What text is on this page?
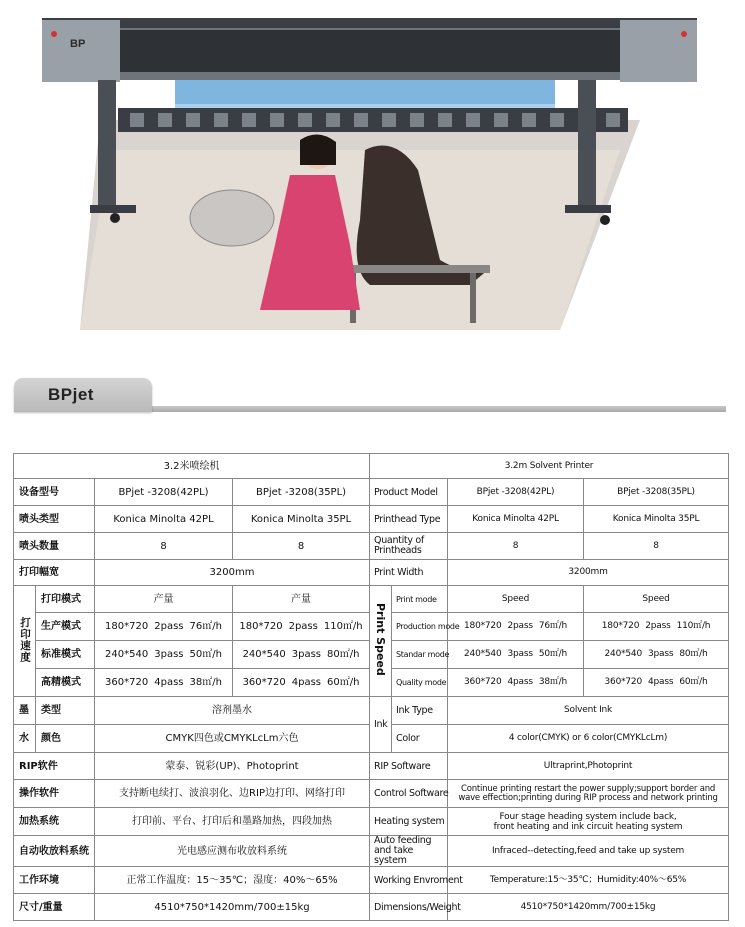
BP
BPjet
3.2米喷绘机				3.2m Solvent Printer			
设备型号		BPjet -3208(42PL)	BPjet -3208(35PL)	Product Model		BPjet -3208(42PL)	BPjet -3208(35PL)
喷头类型		Konica Minolta 42PL	Konica Minolta 35PL	Printhead Type		Konica Minolta 42PL	Konica Minolta 35PL
喷头数量		8	8	Quantity of Printheads		8	8
打印幅宽		3200mm		Print Width		3200mm	
打印速度	打印模式	产量	产量	Print Speed	Print mode	Speed	Speed
	生产模式	180*720 2pass 76㎡/h	180*720 2pass 110㎡/h		Production mode	180*720 2pass 76㎡/h	180*720 2pass 110㎡/h
	标准模式	240*540 3pass 50㎡/h	240*540 3pass 80㎡/h		Standar mode	240*540 3pass 50㎡/h	240*540 3pass 80㎡/h
	高精模式	360*720 4pass 38㎡/h	360*720 4pass 60㎡/h		Quality mode	360*720 4pass 38㎡/h	360*720 4pass 60㎡/h
墨	类型	溶剂墨水		Ink	Ink Type	Solvent Ink	
水	颜色	CMYK四色或CMYKLcLm六色			Color	4 color(CMYK) or 6 color(CMYKLcLm)	
RIP软件		蒙泰、锐彩(UP)、Photoprint		RIP Software		Ultraprint,Photoprint	
操作软件		支持断电续打、波浪羽化、边RIP边打印、网络打印		Control Software		Continue printing restart the power supply;support border and wave effection;printing during RIP process and network printing	
加热系统		打印前、平台、打印后和墨路加热，四段加热		Heating system		Four stage heading system include back,
front heating and ink circuit heating system	
自动收放料系统		光电感应测布收放料系统		Auto feeding and take system		Infraced--detecting,feed and take up system	
工作环境		正常工作温度：15～35℃；湿度：40%～65%		Working Envroment		Temperature:15～35℃；Humidity:40%～65%	
尺寸/重量		4510*750*1420mm/700±15kg		Dimensions/Weight		4510*750*1420mm/700±15kg	
